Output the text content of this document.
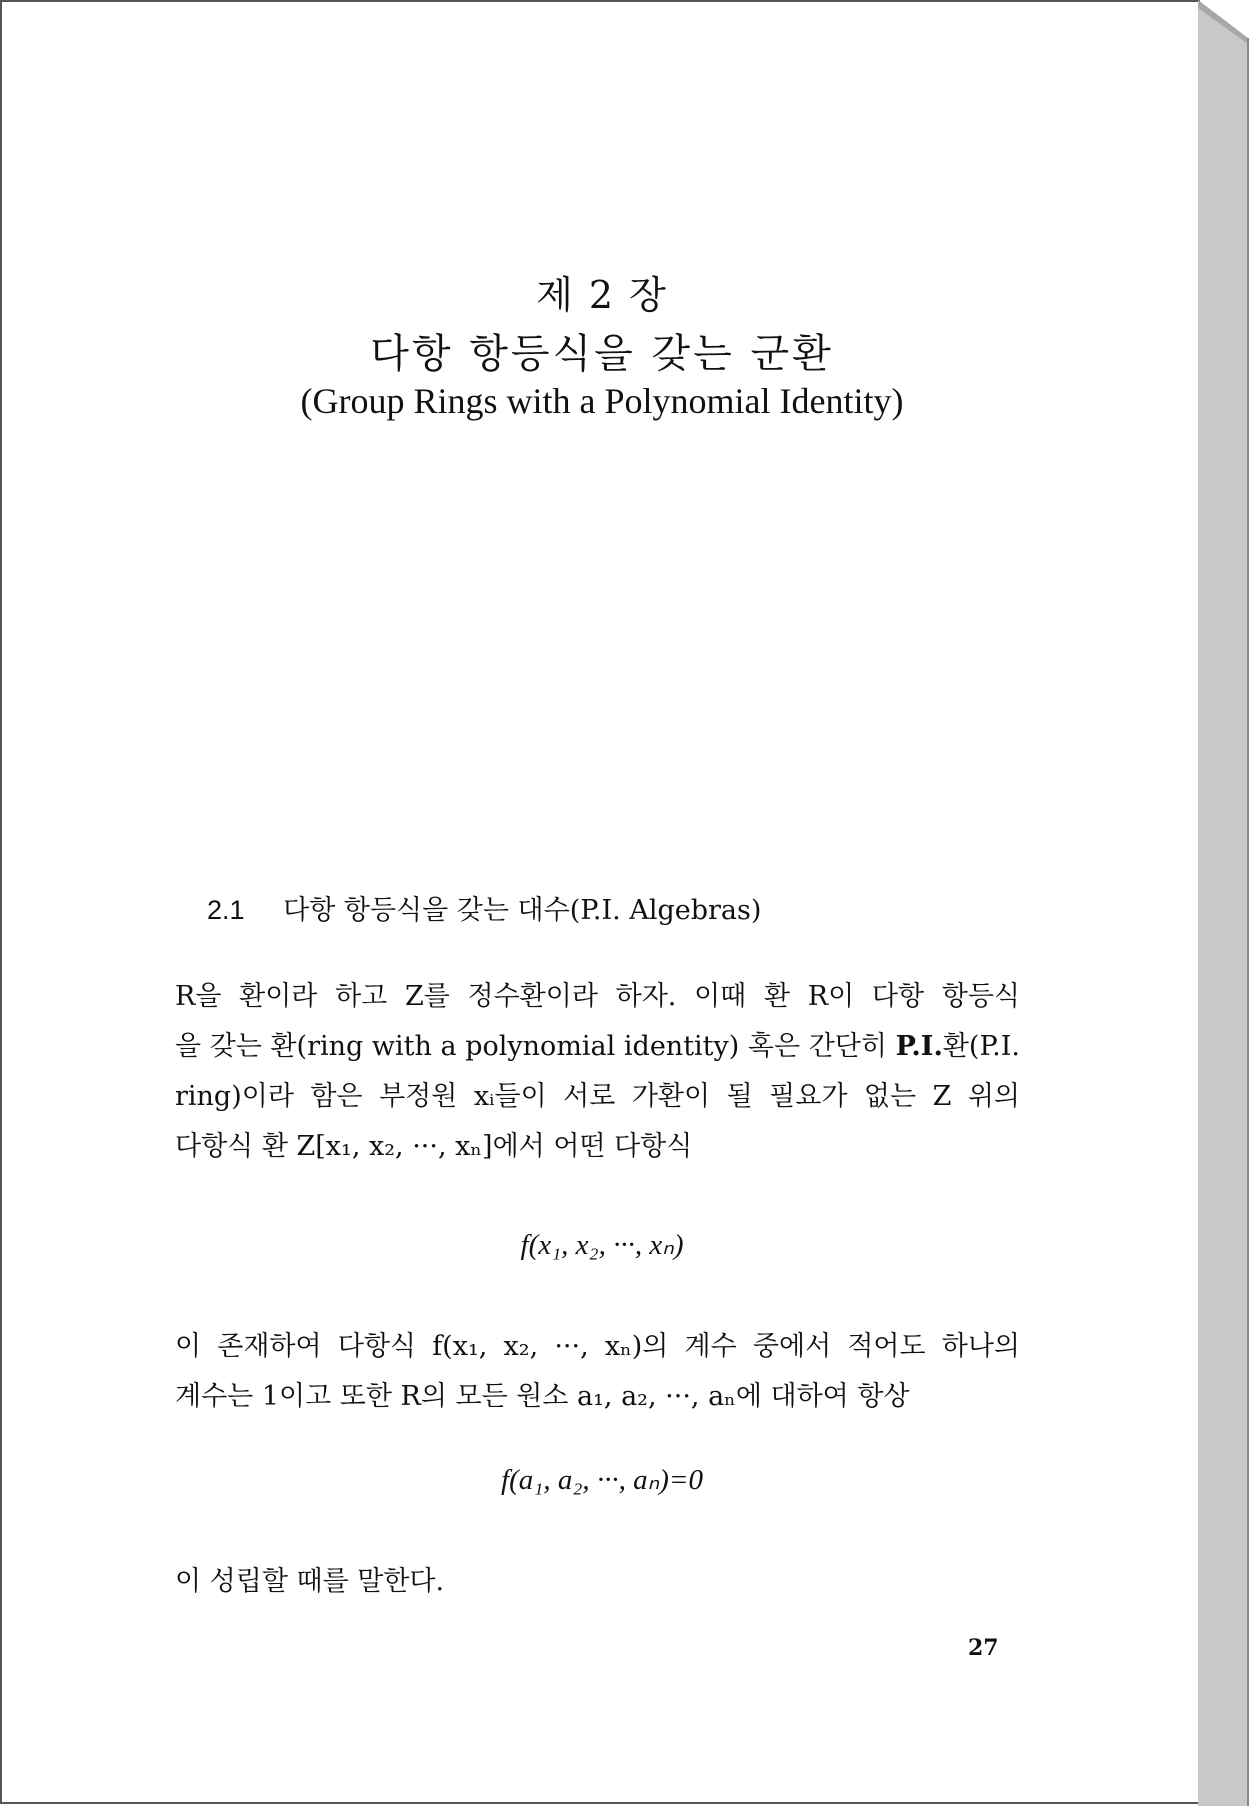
제 2 장
다항 항등식을 갖는 군환
(Group Rings with a Polynomial Identity)
2.1 다항 항등식을 갖는 대수(P.I. Algebras)
R을 환이라 하고 Z를 정수환이라 하자. 이때 환 R이 다항 항등식
을 갖는 환(ring with a polynomial identity) 혹은 간단히 P.I.환(P.I.
ring)이라 함은 부정원 xᵢ들이 서로 가환이 될 필요가 없는 Z 위의
다항식 환 Z[x₁, x₂, ···, xₙ]에서 어떤 다항식
f(x₁, x₂, ···, xₙ)
이 존재하여 다항식 f(x₁, x₂, ···, xₙ)의 계수 중에서 적어도 하나의
계수는 1이고 또한 R의 모든 원소 a₁, a₂, ···, aₙ에 대하여 항상
f(a₁, a₂, ···, aₙ)=0
이 성립할 때를 말한다.
27
